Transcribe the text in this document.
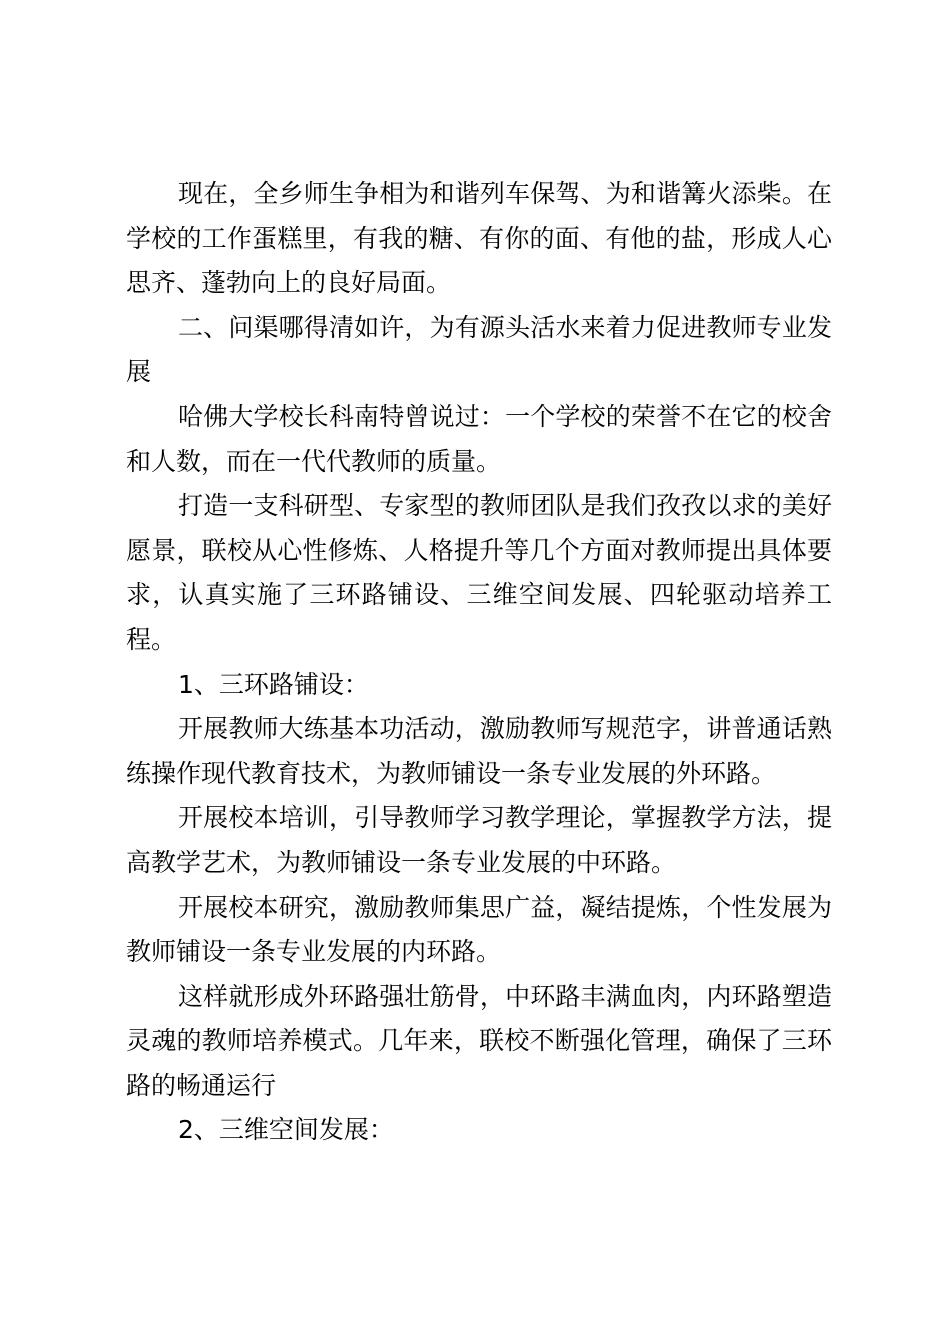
现在，全乡师生争相为和谐列车保驾、为和谐篝火添柴。在学校的工作蛋糕里，有我的糖、有你的面、有他的盐，形成人心思齐、蓬勃向上的良好局面。

二、问渠哪得清如许，为有源头活水来着力促进教师专业发展

哈佛大学校长科南特曾说过：一个学校的荣誉不在它的校舍和人数，而在一代代教师的质量。

打造一支科研型、专家型的教师团队是我们孜孜以求的美好愿景，联校从心性修炼、人格提升等几个方面对教师提出具体要求，认真实施了三环路铺设、三维空间发展、四轮驱动培养工程。

1、三环路铺设：

开展教师大练基本功活动，激励教师写规范字，讲普通话熟练操作现代教育技术，为教师铺设一条专业发展的外环路。

开展校本培训，引导教师学习教学理论，掌握教学方法，提高教学艺术，为教师铺设一条专业发展的中环路。

开展校本研究，激励教师集思广益，凝结提炼，个性发展为教师铺设一条专业发展的内环路。

这样就形成外环路强壮筋骨，中环路丰满血肉，内环路塑造灵魂的教师培养模式。几年来，联校不断强化管理，确保了三环路的畅通运行

2、三维空间发展：
